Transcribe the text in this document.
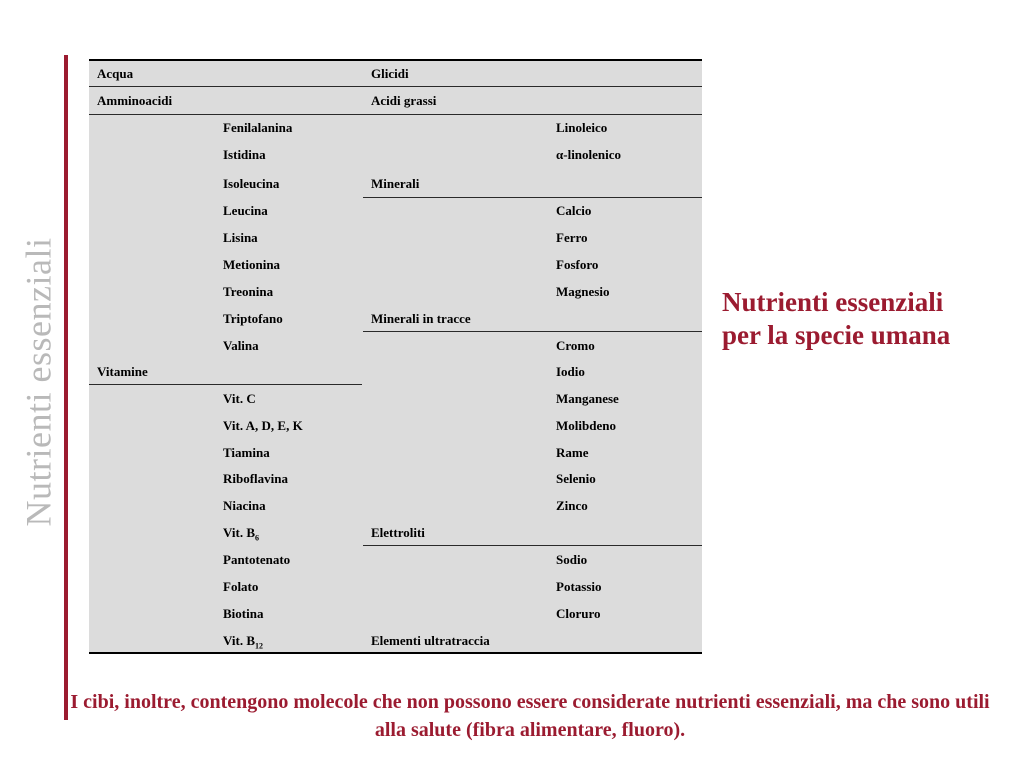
Nutrienti essenziali
Acqua	Glicidi
Amminoacidi	Acidi grassi
Fenilalanina
Istidina
Isoleucina
Leucina
Lisina
Metionina
Treonina
Triptofano
Valina
Vitamine
Vit. C
Vit. A, D, E, K
Tiamina
Riboflavina
Niacina
Vit. $B_6$
Pantotenato
Folato
Biotina
Vit. $B_{12}$
Linoleico
α-linolenico
Minerali
Calcio
Ferro
Fosforo
Magnesio
Minerali in tracce
Cromo
Iodio
Manganese
Molibdeno
Rame
Selenio
Zinco
Elettroliti
Sodio
Potassio
Cloruro
Elementi ultratraccia
Nutrienti essenziali per la specie umana
I cibi, inoltre, contengono molecole che non possono essere considerate nutrienti essenziali, ma che sono utili alla salute (fibra alimentare, fluoro).
